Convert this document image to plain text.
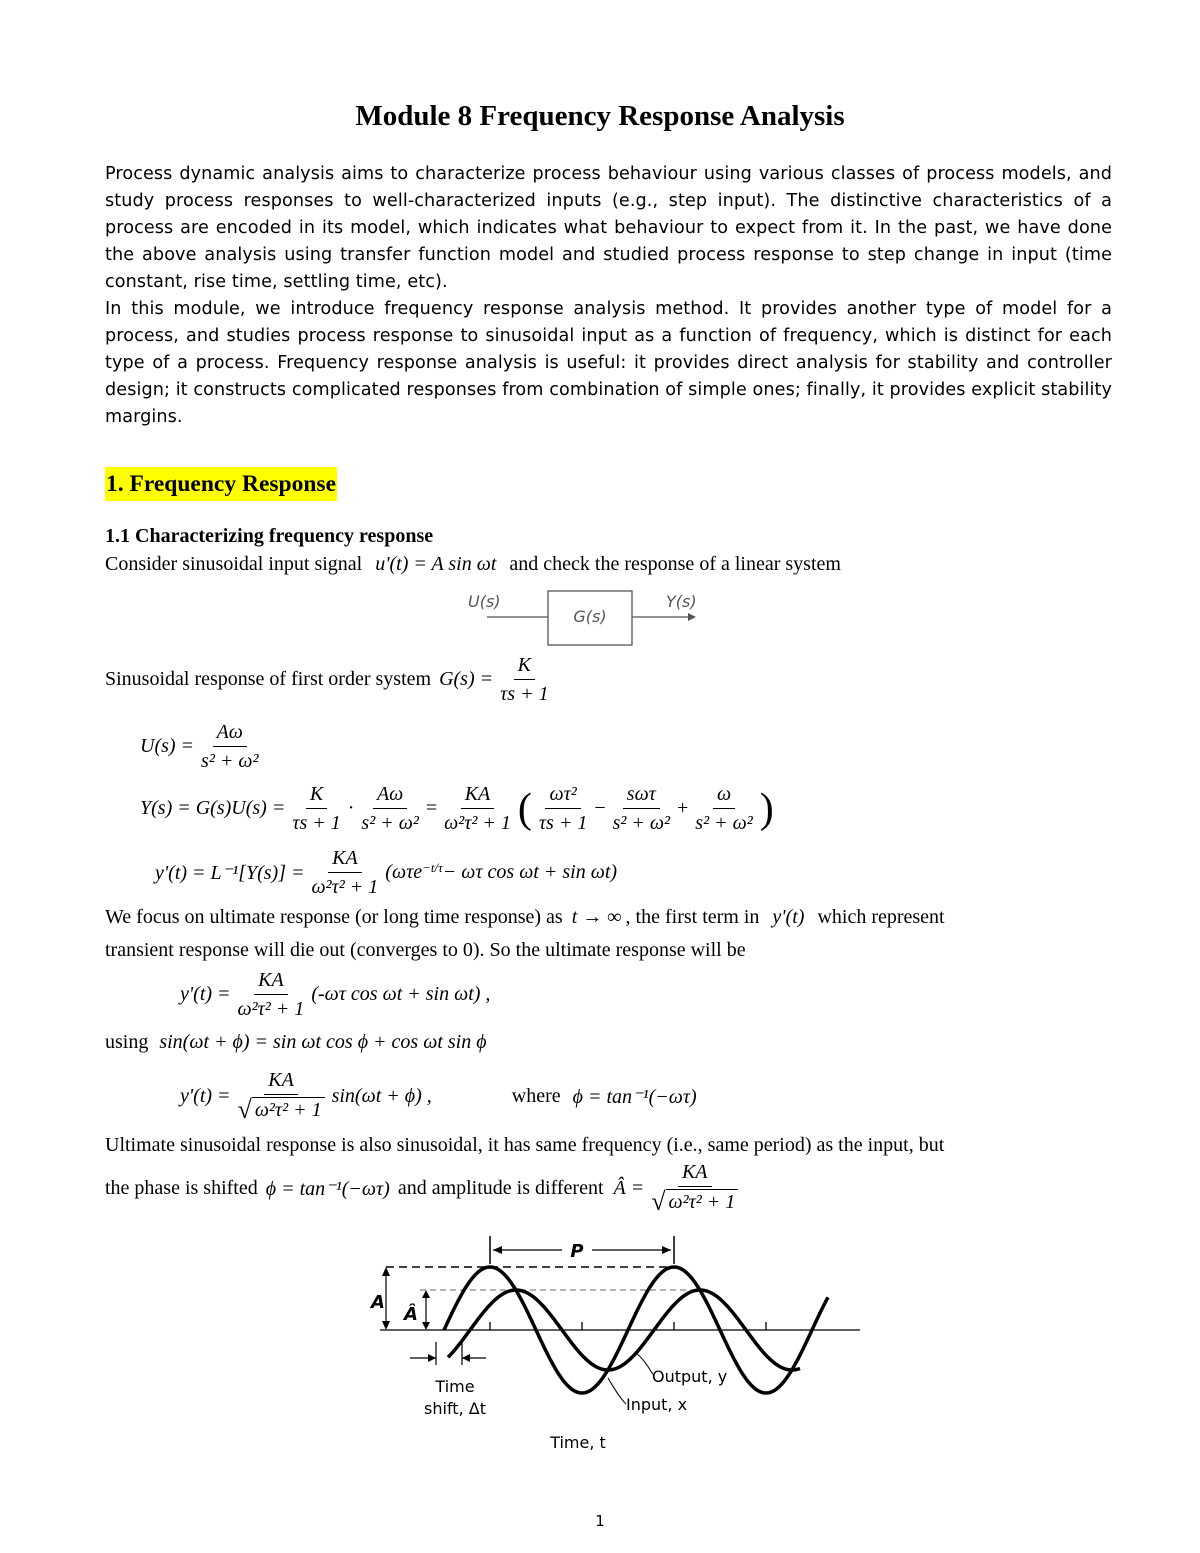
Module 8 Frequency Response Analysis
Process dynamic analysis aims to characterize process behaviour using various classes of process models, and study process responses to well-characterized inputs (e.g., step input). The distinctive characteristics of a process are encoded in its model, which indicates what behaviour to expect from it. In the past, we have done the above analysis using transfer function model and studied process response to step change in input (time constant, rise time, settling time, etc).
In this module, we introduce frequency response analysis method. It provides another type of model for a process, and studies process response to sinusoidal input as a function of frequency, which is distinct for each type of a process. Frequency response analysis is useful: it provides direct analysis for stability and controller design; it constructs complicated responses from combination of simple ones; finally, it provides explicit stability margins.
1. Frequency Response
1.1 Characterizing frequency response
Consider sinusoidal input signal u'(t) = A sin ωt and check the response of a linear system
U(s)
G(s)
Y(s)
Sinusoidal response of first order system $G(s) = \frac{K}{\tau s + 1}$
$U(s) = \frac{A\omega}{\text{s² + ω²}}$
$Y(s) = G(s)U(s) = \frac{K}{\tau s + 1} \cdot \frac{A\omega}{\text{s² + ω²}} = \frac{KA}{\text{ω²τ² + 1}}$ ( $\frac{\text{ωτ²}}{\tau s + 1} - \frac{\text{sωτ}}{\text{s² + ω²}} + \frac{\omega}{\text{s² + ω²}}$ )
$y'(t) = L^{-1}[Y(s)] = \frac{KA}{\text{ω²τ² + 1}} (\omega\tau e^{-t/\tau} - \omega\tau$ cos ωt + sin ωt)
We focus on ultimate response (or long time response) as t → ∞ , the first term in y'(t) which represent
transient response will die out (converges to 0). So the ultimate response will be
$y'(t) = \frac{KA}{\text{ω²τ² + 1}} (-\omega\tau$ cos ωt + sin ωt) ,
using sin(ωt + ϕ) = sin ωt cos ϕ + cos ωt sin ϕ
$y'(t) = \frac{KA}{\text{√ ω²τ² + 1}} \sin(\omega t + \phi)$ ,	where ϕ = tan⁻¹(−ωτ)
Ultimate sinusoidal response is also sinusoidal, it has same frequency (i.e., same period) as the input, but
the phase is shifted ϕ = tan⁻¹(−ωτ) and amplitude is different Â = $\frac{KA}{\text{√ ω²τ² + 1}}$
P
A
Â
Time
shift, Δt
Output, y
Input, x
Time, t
1
